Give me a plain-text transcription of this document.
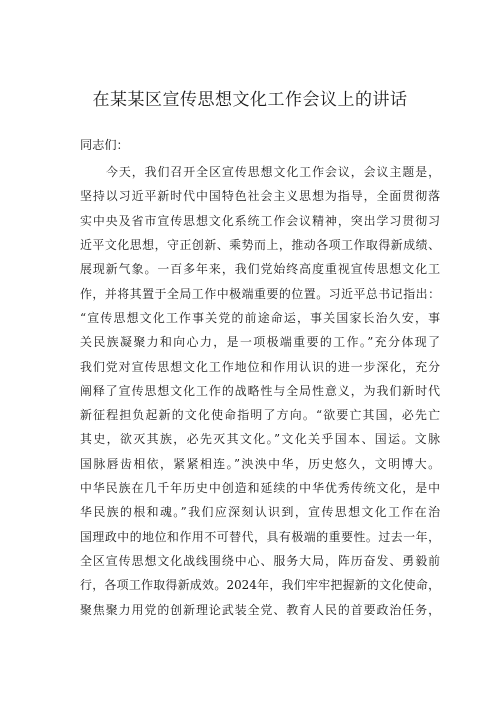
在某某区宣传思想文化工作会议上的讲话
同志们：
今天，我们召开全区宣传思想文化工作会议，会议主题是，
坚持以习近平新时代中国特色社会主义思想为指导，全面贯彻落
实中央及省市宣传思想文化系统工作会议精神，突出学习贯彻习
近平文化思想，守正创新、乘势而上，推动各项工作取得新成绩、
展现新气象。一百多年来，我们党始终高度重视宣传思想文化工
作，并将其置于全局工作中极端重要的位置。习近平总书记指出：
“宣传思想文化工作事关党的前途命运，事关国家长治久安，事
关民族凝聚力和向心力，是一项极端重要的工作。”充分体现了
我们党对宣传思想文化工作地位和作用认识的进一步深化，充分
阐释了宣传思想文化工作的战略性与全局性意义，为我们新时代
新征程担负起新的文化使命指明了方向。“欲要亡其国，必先亡
其史，欲灭其族，必先灭其文化。”文化关乎国本、国运。文脉
国脉唇齿相依，紧紧相连。”泱泱中华，历史悠久，文明博大。
中华民族在几千年历史中创造和延续的中华优秀传统文化，是中
华民族的根和魂。”我们应深刻认识到，宣传思想文化工作在治
国理政中的地位和作用不可替代，具有极端的重要性。过去一年，
全区宣传思想文化战线围绕中心、服务大局，阵历奋发、勇毅前
行，各项工作取得新成效。2024年，我们牢牢把握新的文化使命，
聚焦聚力用党的创新理论武装全党、教育人民的首要政治任务，
